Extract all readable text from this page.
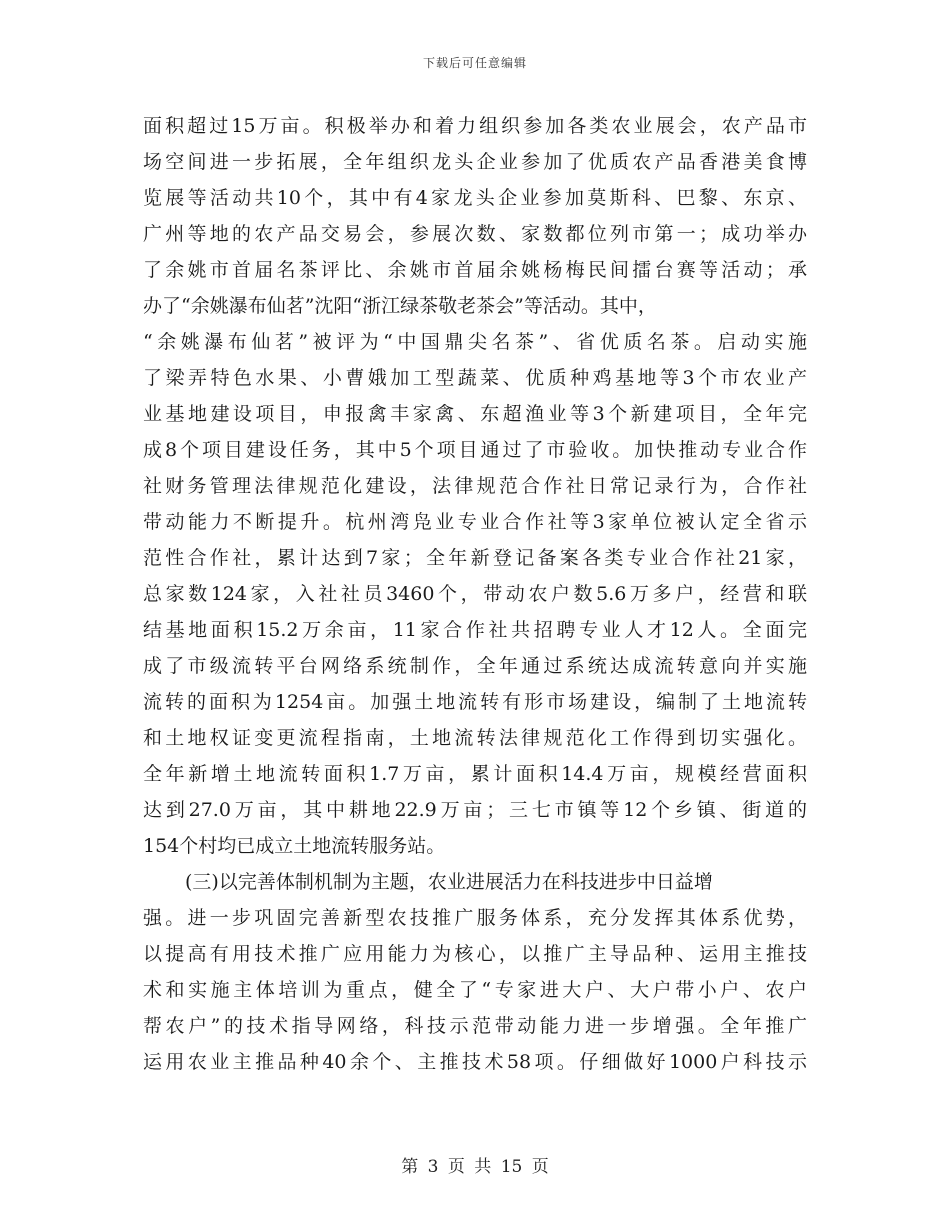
下载后可任意编辑
面积超过15万亩。积极举办和着力组织参加各类农业展会，农产品市
场空间进一步拓展，全年组织龙头企业参加了优质农产品香港美食博
览展等活动共10个，其中有4家龙头企业参加莫斯科、巴黎、东京、
广州等地的农产品交易会，参展次数、家数都位列市第一；成功举办
了余姚市首届名茶评比、余姚市首届余姚杨梅民间擂台赛等活动；承
办了“余姚瀑布仙茗”沈阳“浙江绿茶敬老茶会”等活动。其中，
“余姚瀑布仙茗”被评为“中国鼎尖名茶”、省优质名茶。启动实施
了梁弄特色水果、小曹娥加工型蔬菜、优质种鸡基地等3个市农业产
业基地建设项目，申报禽丰家禽、东超渔业等3个新建项目，全年完
成8个项目建设任务，其中5个项目通过了市验收。加快推动专业合作
社财务管理法律规范化建设，法律规范合作社日常记录行为，合作社
带动能力不断提升。杭州湾凫业专业合作社等3家单位被认定全省示
范性合作社，累计达到7家；全年新登记备案各类专业合作社21家，
总家数124家，入社社员3460个，带动农户数5.6万多户，经营和联
结基地面积15.2万余亩，11家合作社共招聘专业人才12人。全面完
成了市级流转平台网络系统制作，全年通过系统达成流转意向并实施
流转的面积为1254亩。加强土地流转有形市场建设，编制了土地流转
和土地权证变更流程指南，土地流转法律规范化工作得到切实强化。
全年新增土地流转面积1.7万亩，累计面积14.4万亩，规模经营面积
达到27.0万亩，其中耕地22.9万亩；三七市镇等12个乡镇、街道的
154个村均已成立土地流转服务站。
(三)以完善体制机制为主题，农业进展活力在科技进步中日益增
强。进一步巩固完善新型农技推广服务体系，充分发挥其体系优势，
以提高有用技术推广应用能力为核心，以推广主导品种、运用主推技
术和实施主体培训为重点，健全了“专家进大户、大户带小户、农户
帮农户”的技术指导网络，科技示范带动能力进一步增强。全年推广
运用农业主推品种40余个、主推技术58项。仔细做好1000户科技示
第 3 页 共 15 页
